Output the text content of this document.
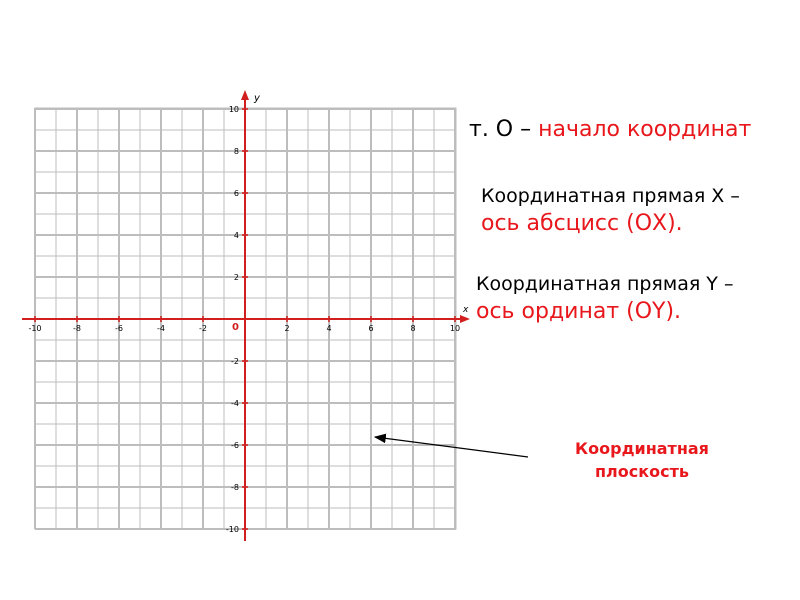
x
y
0
-10	-8	-6	-4	-2	2	4	6	8	10
10
8
6
4
2
-2
-4
-6
-8
-10
т. О – начало координат
Координатная прямая Х –
ось абсцисс (ОХ).
Координатная прямая Y –
ось ординат (ОY).
Координатная
плоскость
